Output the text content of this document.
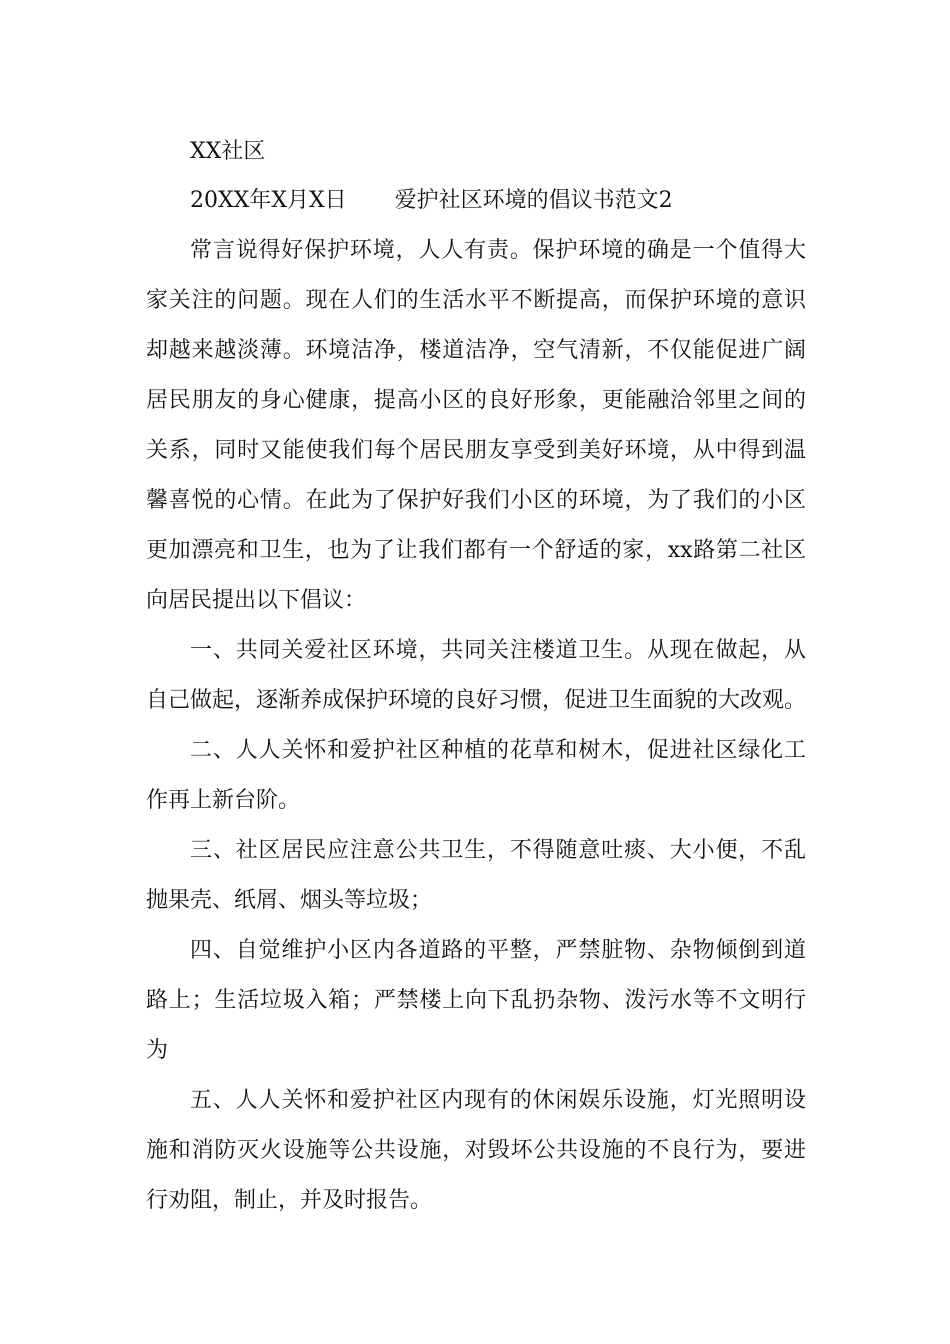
XX社区
20XX年X月X日 爱护社区环境的倡议书范文2
常言说得好保护环境，人人有责。保护环境的确是一个值得大
家关注的问题。现在人们的生活水平不断提高，而保护环境的意识
却越来越淡薄。环境洁净，楼道洁净，空气清新，不仅能促进广阔
居民朋友的身心健康，提高小区的良好形象，更能融洽邻里之间的
关系，同时又能使我们每个居民朋友享受到美好环境，从中得到温
馨喜悦的心情。在此为了保护好我们小区的环境，为了我们的小区
更加漂亮和卫生，也为了让我们都有一个舒适的家，xx路第二社区
向居民提出以下倡议：
一、共同关爱社区环境，共同关注楼道卫生。从现在做起，从
自己做起，逐渐养成保护环境的良好习惯，促进卫生面貌的大改观。
二、人人关怀和爱护社区种植的花草和树木，促进社区绿化工
作再上新台阶。
三、社区居民应注意公共卫生，不得随意吐痰、大小便，不乱
抛果壳、纸屑、烟头等垃圾；
四、自觉维护小区内各道路的平整，严禁脏物、杂物倾倒到道
路上；生活垃圾入箱；严禁楼上向下乱扔杂物、泼污水等不文明行
为
五、人人关怀和爱护社区内现有的休闲娱乐设施，灯光照明设
施和消防灭火设施等公共设施，对毁坏公共设施的不良行为，要进
行劝阻，制止，并及时报告。
